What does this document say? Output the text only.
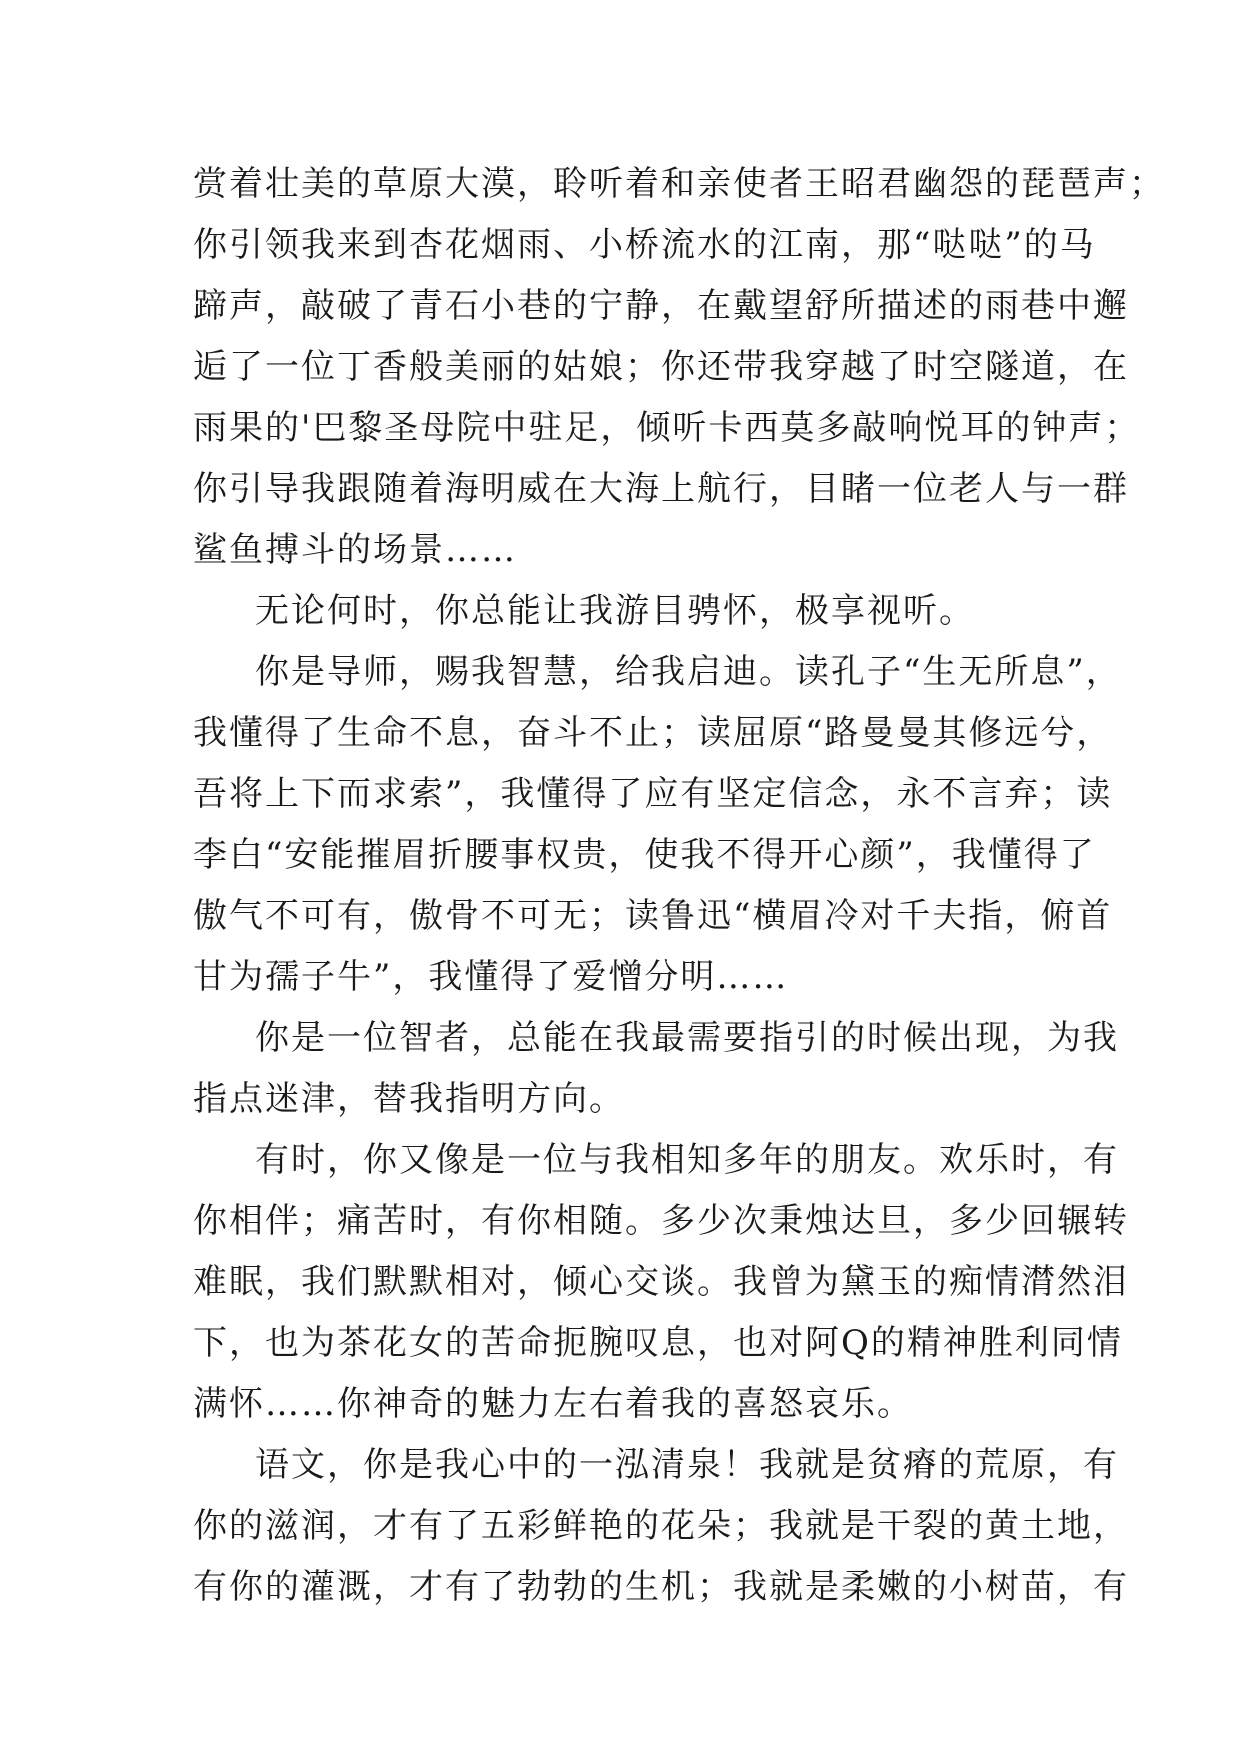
赏着壮美的草原大漠，聆听着和亲使者王昭君幽怨的琵琶声；
你引领我来到杏花烟雨、小桥流水的江南，那“哒哒”的马
蹄声，敲破了青石小巷的宁静，在戴望舒所描述的雨巷中邂
逅了一位丁香般美丽的姑娘；你还带我穿越了时空隧道，在
雨果的'巴黎圣母院中驻足，倾听卡西莫多敲响悦耳的钟声；
你引导我跟随着海明威在大海上航行，目睹一位老人与一群
鲨鱼搏斗的场景……
无论何时，你总能让我游目骋怀，极享视听。
你是导师，赐我智慧，给我启迪。读孔子“生无所息”，
我懂得了生命不息，奋斗不止；读屈原“路曼曼其修远兮，
吾将上下而求索”，我懂得了应有坚定信念，永不言弃；读
李白“安能摧眉折腰事权贵，使我不得开心颜”，我懂得了
傲气不可有，傲骨不可无；读鲁迅“横眉冷对千夫指，俯首
甘为孺子牛”，我懂得了爱憎分明……
你是一位智者，总能在我最需要指引的时候出现，为我
指点迷津，替我指明方向。
有时，你又像是一位与我相知多年的朋友。欢乐时，有
你相伴；痛苦时，有你相随。多少次秉烛达旦，多少回辗转
难眠，我们默默相对，倾心交谈。我曾为黛玉的痴情潸然泪
下，也为茶花女的苦命扼腕叹息，也对阿Q的精神胜利同情
满怀……你神奇的魅力左右着我的喜怒哀乐。
语文，你是我心中的一泓清泉！我就是贫瘠的荒原，有
你的滋润，才有了五彩鲜艳的花朵；我就是干裂的黄土地，
有你的灌溉，才有了勃勃的生机；我就是柔嫩的小树苗，有
